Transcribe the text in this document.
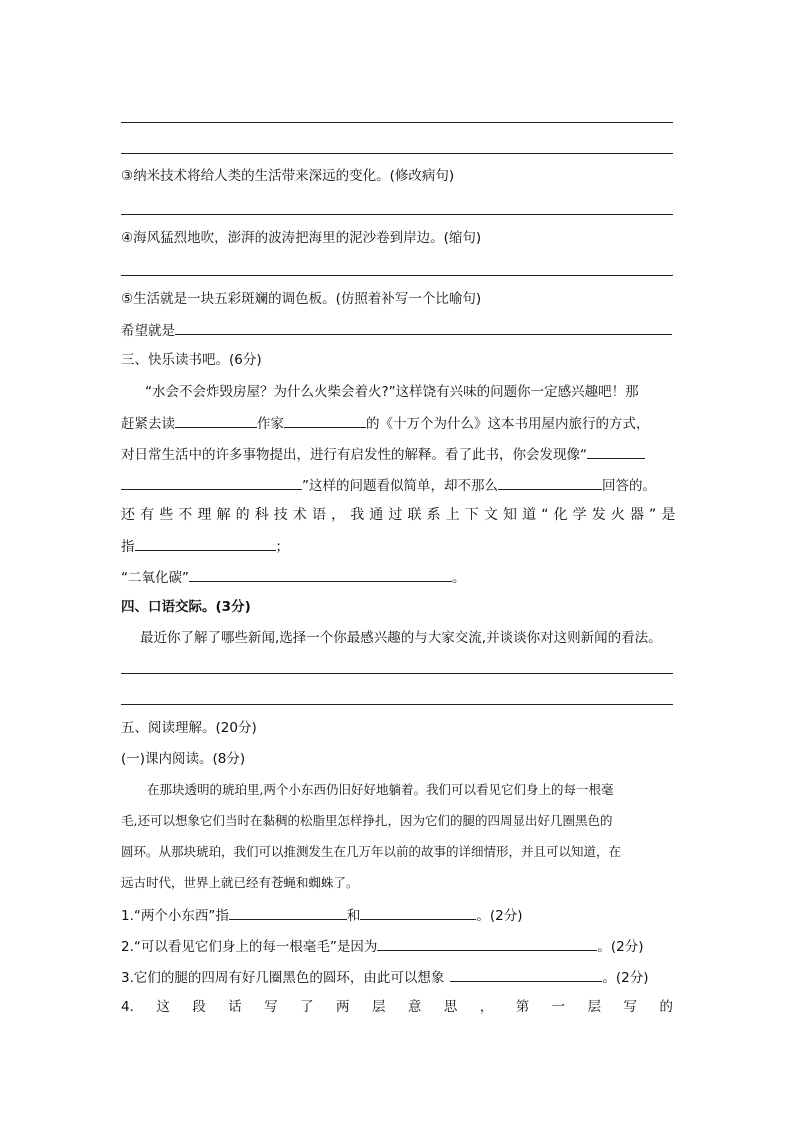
③纳米技术将给人类的生活带来深远的变化。(修改病句)
④海风猛烈地吹，澎湃的波涛把海里的泥沙卷到岸边。(缩句)
⑤生活就是一块五彩斑斓的调色板。(仿照着补写一个比喻句)
希望就是
三、快乐读书吧。(6分)
“水会不会炸毁房屋？为什么火柴会着火?”这样饶有兴味的问题你一定感兴趣吧！那
赶紧去读	作家	的《十万个为什么》这本书用屋内旅行的方式，
对日常生活中的许多事物提出，进行有启发性的解释。看了此书，你会发现像“
”这样的问题看似简单，却不那么	回答的。
还有些不理解的科技术语，我通过联系上下文知道“化学发火器”是
指	；
“二氧化碳”	。
四、口语交际。(3分)
最近你了解了哪些新闻,选择一个你最感兴趣的与大家交流,并谈谈你对这则新闻的看法。
五、阅读理解。(20分)
(一)课内阅读。(8分)
在那块透明的琥珀里,两个小东西仍旧好好地躺着。我们可以看见它们身上的每一根毫
毛,还可以想象它们当时在黏稠的松脂里怎样挣扎，因为它们的腿的四周显出好几圈黑色的
圆环。从那块琥珀，我们可以推测发生在几万年以前的故事的详细情形，并且可以知道，在
远古时代，世界上就已经有苍蝇和蜘蛛了。
1.“两个小东西”指	和	。(2分)
2.“可以看见它们身上的每一根毫毛”是因为	。(2分)
3.它们的腿的四周有好几圈黑色的圆环，由此可以想象	。(2分)
4. 这 段 话 写 了 两 层 意 思 ， 第 一 层 写 的
